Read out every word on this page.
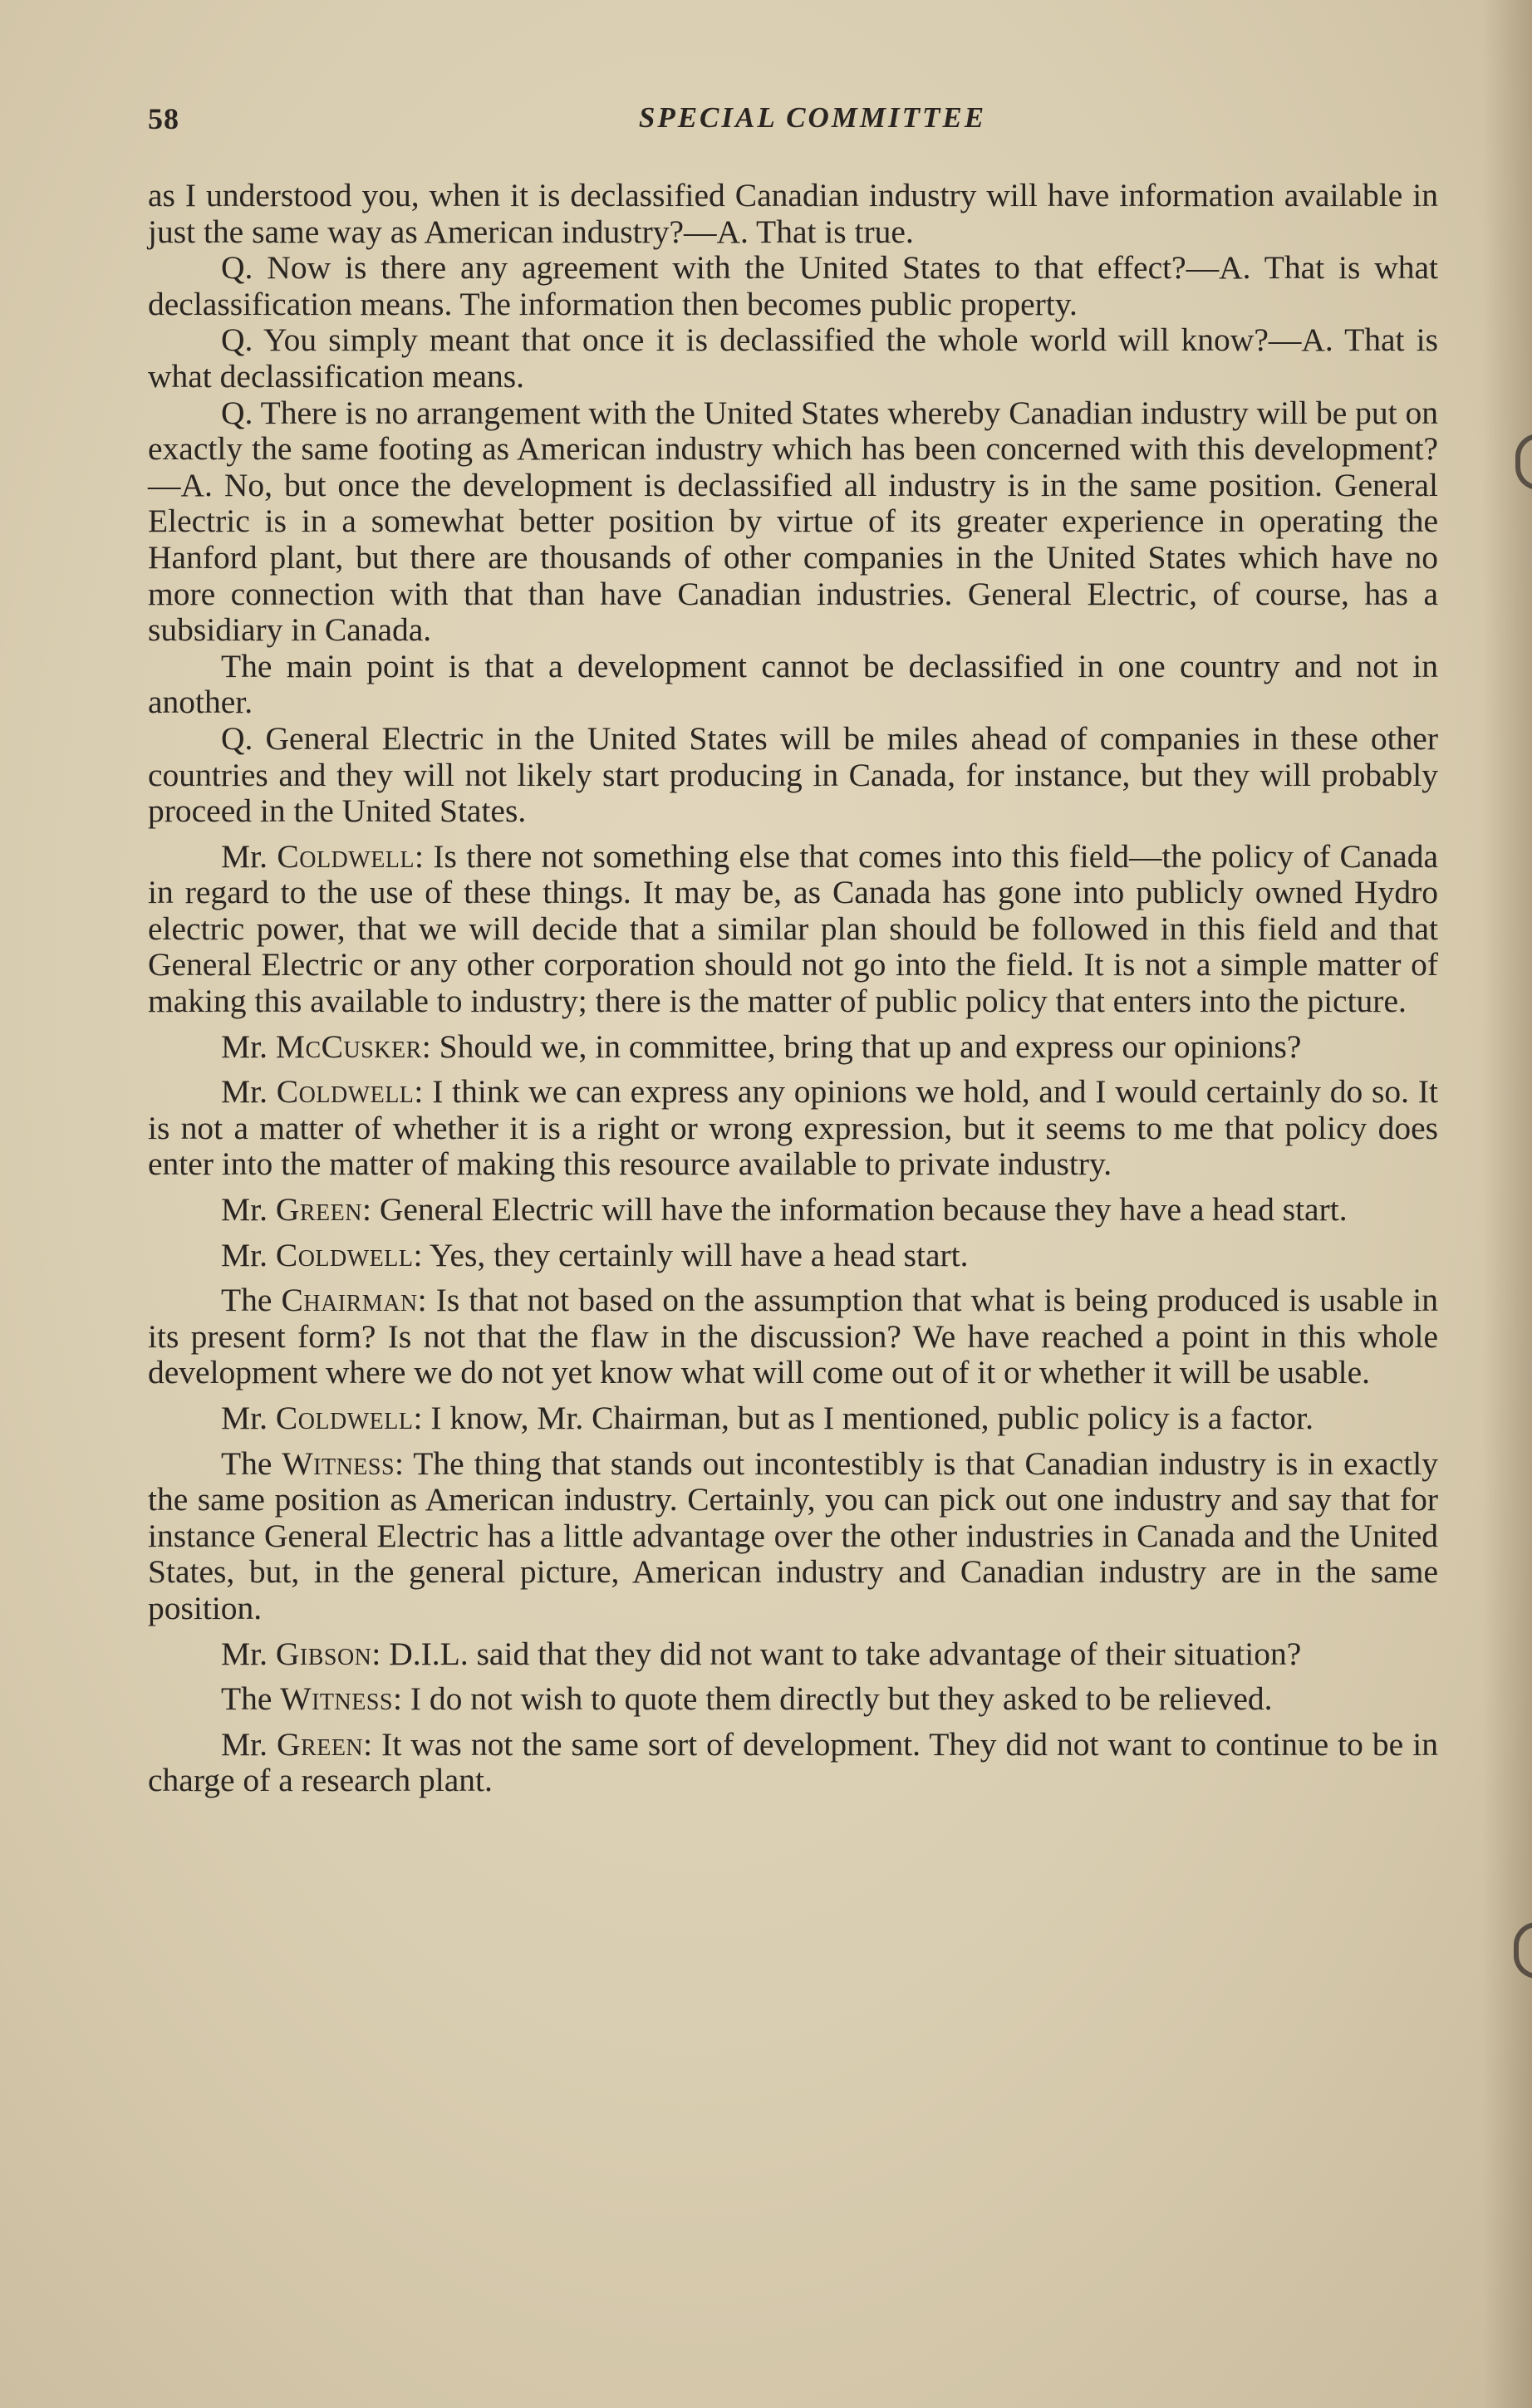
58	SPECIAL COMMITTEE

as I understood you, when it is declassified Canadian industry will have information available in just the same way as American industry?—A. That is true.

Q. Now is there any agreement with the United States to that effect?—A. That is what declassification means. The information then becomes public property.

Q. You simply meant that once it is declassified the whole world will know?—A. That is what declassification means.

Q. There is no arrangement with the United States whereby Canadian industry will be put on exactly the same footing as American industry which has been concerned with this development?—A. No, but once the development is declassified all industry is in the same position. General Electric is in a somewhat better position by virtue of its greater experience in operating the Hanford plant, but there are thousands of other companies in the United States which have no more connection with that than have Canadian industries. General Electric, of course, has a subsidiary in Canada.

The main point is that a development cannot be declassified in one country and not in another.

Q. General Electric in the United States will be miles ahead of companies in these other countries and they will not likely start producing in Canada, for instance, but they will probably proceed in the United States.

Mr. Coldwell: Is there not something else that comes into this field—the policy of Canada in regard to the use of these things. It may be, as Canada has gone into publicly owned Hydro electric power, that we will decide that a similar plan should be followed in this field and that General Electric or any other corporation should not go into the field. It is not a simple matter of making this available to industry; there is the matter of public policy that enters into the picture.

Mr. McCusker: Should we, in committee, bring that up and express our opinions?

Mr. Coldwell: I think we can express any opinions we hold, and I would certainly do so. It is not a matter of whether it is a right or wrong expression, but it seems to me that policy does enter into the matter of making this resource available to private industry.

Mr. Green: General Electric will have the information because they have a head start.

Mr. Coldwell: Yes, they certainly will have a head start.

The Chairman: Is that not based on the assumption that what is being produced is usable in its present form? Is not that the flaw in the discussion? We have reached a point in this whole development where we do not yet know what will come out of it or whether it will be usable.

Mr. Coldwell: I know, Mr. Chairman, but as I mentioned, public policy is a factor.

The Witness: The thing that stands out incontestibly is that Canadian industry is in exactly the same position as American industry. Certainly, you can pick out one industry and say that for instance General Electric has a little advantage over the other industries in Canada and the United States, but, in the general picture, American industry and Canadian industry are in the same position.

Mr. Gibson: D.I.L. said that they did not want to take advantage of their situation?

The Witness: I do not wish to quote them directly but they asked to be relieved.

Mr. Green: It was not the same sort of development. They did not want to continue to be in charge of a research plant.
